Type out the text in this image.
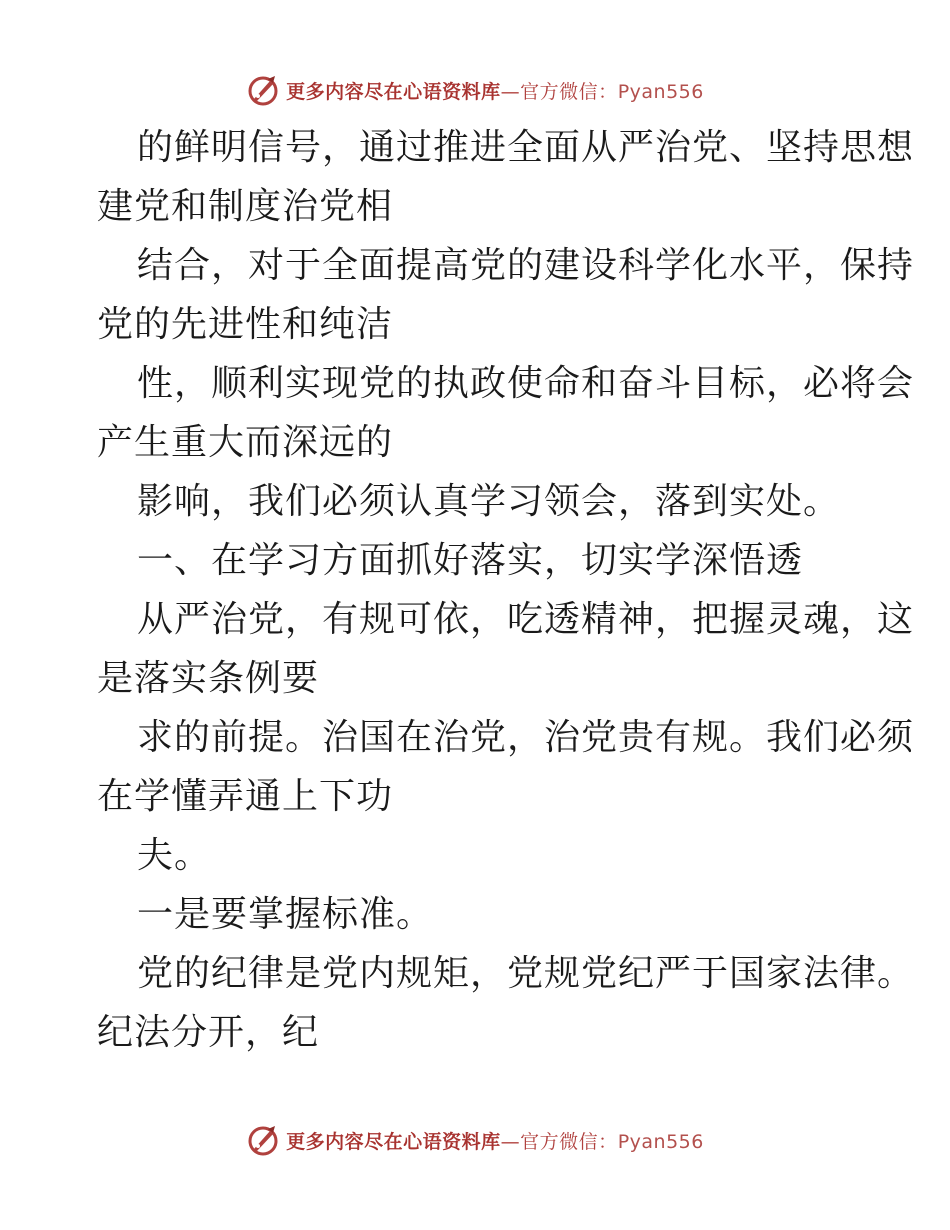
更多内容尽在心语资料库—官方微信：Pyan556
的鲜明信号，通过推进全面从严治党、坚持思想
建党和制度治党相
结合，对于全面提高党的建设科学化水平，保持
党的先进性和纯洁
性，顺利实现党的执政使命和奋斗目标，必将会
产生重大而深远的
影响，我们必须认真学习领会，落到实处。
一、在学习方面抓好落实，切实学深悟透
从严治党，有规可依，吃透精神，把握灵魂，这
是落实条例要
求的前提。治国在治党，治党贵有规。我们必须
在学懂弄通上下功
夫。
一是要掌握标准。
党的纪律是党内规矩，党规党纪严于国家法律。
纪法分开，纪
更多内容尽在心语资料库—官方微信：Pyan556
